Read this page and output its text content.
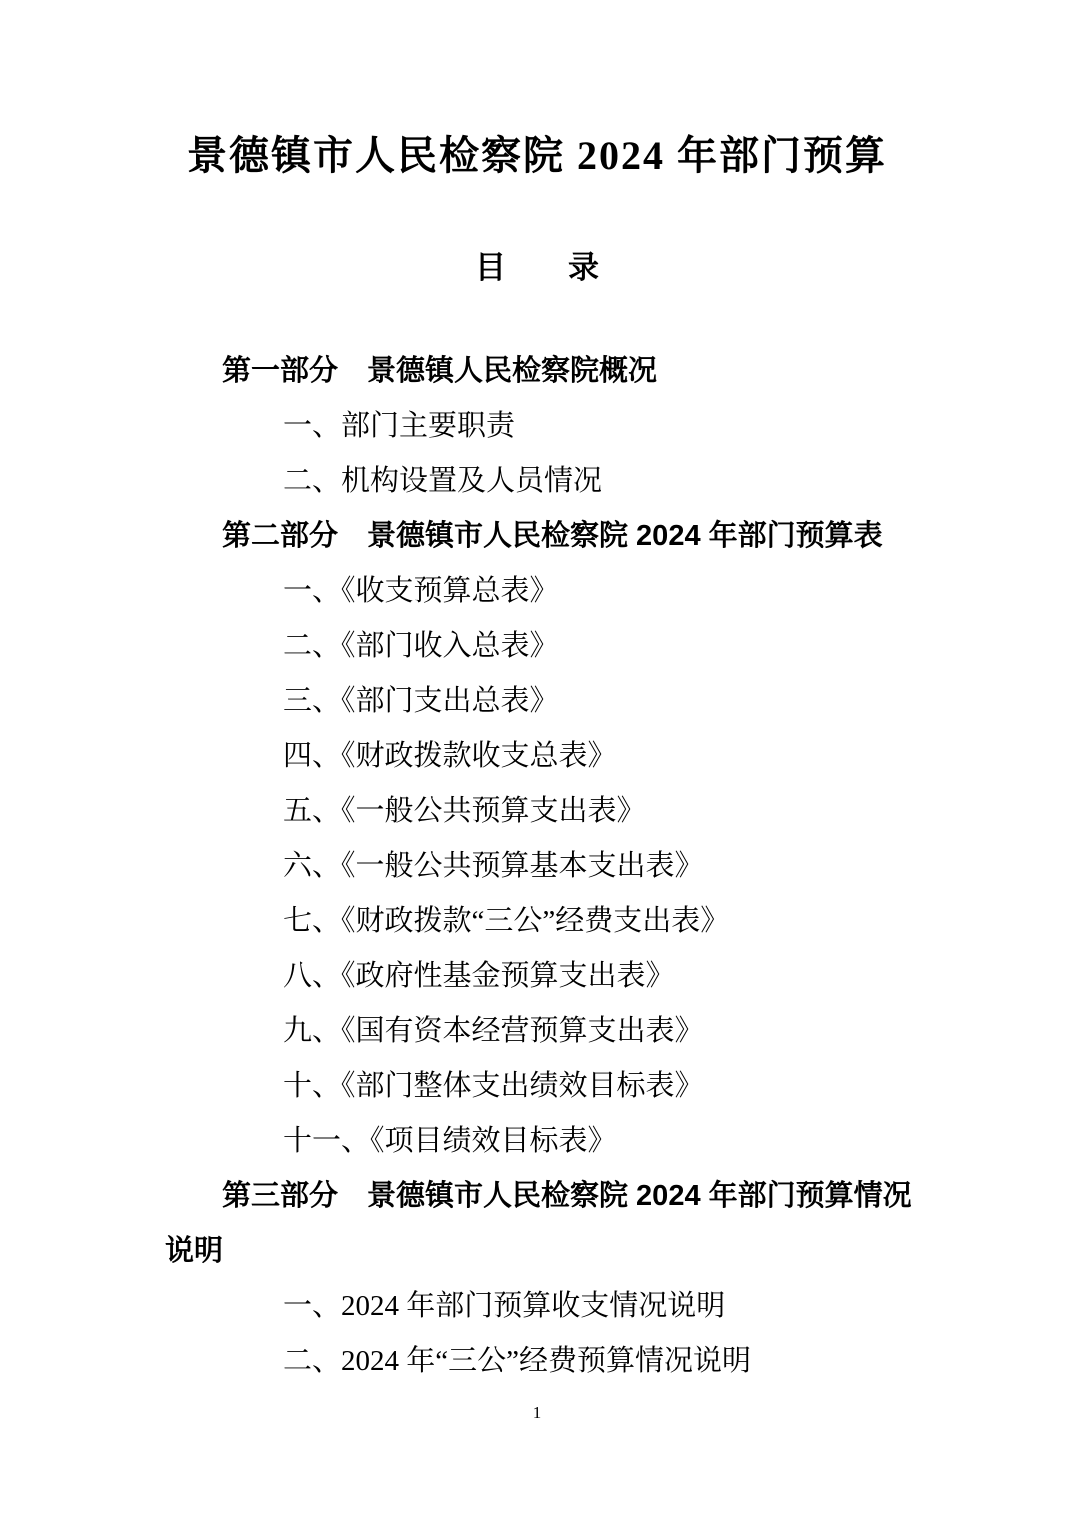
景德镇市人民检察院 2024 年部门预算
目　　录
第一部分　景德镇人民检察院概况
一、部门主要职责
二、机构设置及人员情况
第二部分　景德镇市人民检察院 2024 年部门预算表
一、《收支预算总表》
二、《部门收入总表》
三、《部门支出总表》
四、《财政拨款收支总表》
五、《一般公共预算支出表》
六、《一般公共预算基本支出表》
七、《财政拨款“三公”经费支出表》
八、《政府性基金预算支出表》
九、《国有资本经营预算支出表》
十、《部门整体支出绩效目标表》
十一、《项目绩效目标表》
第三部分　景德镇市人民检察院 2024 年部门预算情况说明
一、2024 年部门预算收支情况说明
二、2024 年“三公”经费预算情况说明
1
